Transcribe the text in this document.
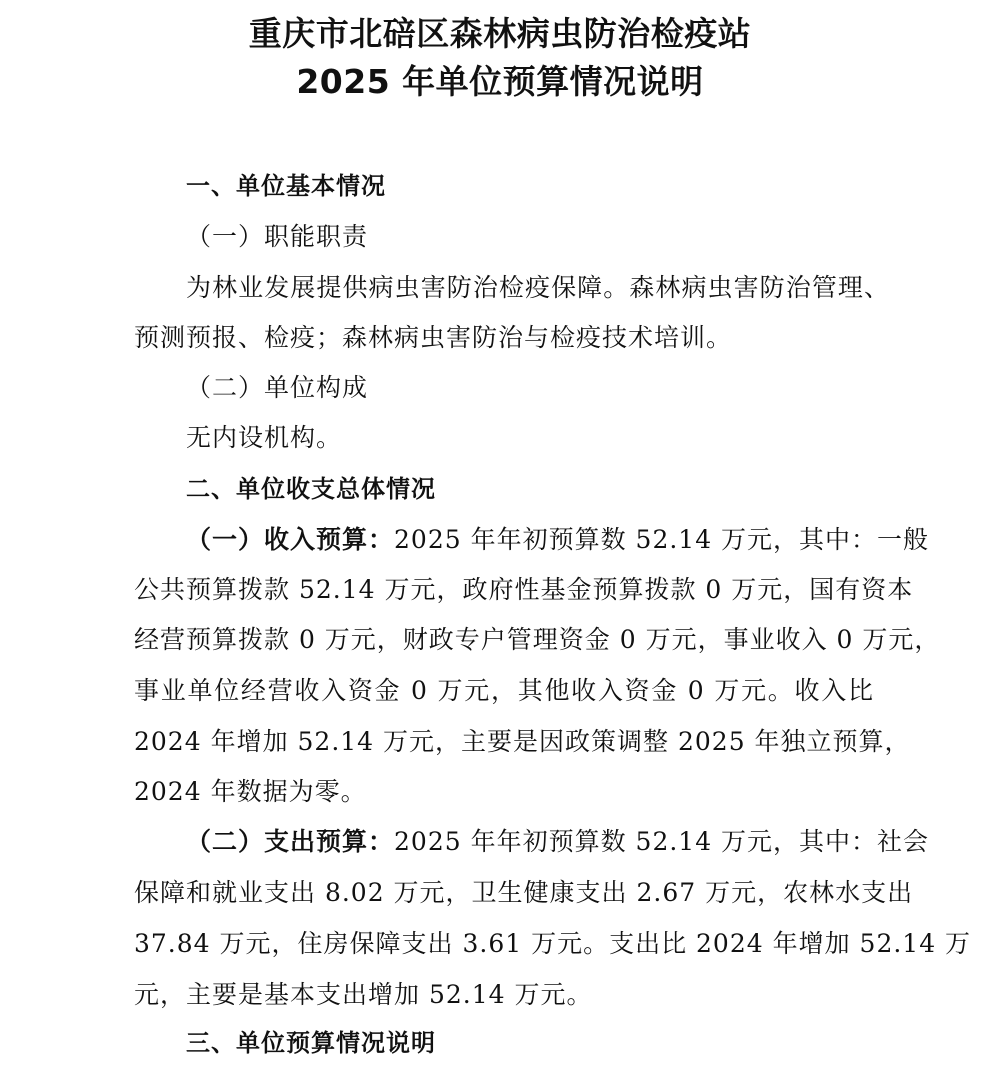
重庆市北碚区森林病虫防治检疫站
2025 年单位预算情况说明
一、单位基本情况
（一）职能职责
为林业发展提供病虫害防治检疫保障。森林病虫害防治管理、
预测预报、检疫；森林病虫害防治与检疫技术培训。
（二）单位构成
无内设机构。
二、单位收支总体情况
（一）收入预算： 2025 年年初预算数 52.14 万元，其中：一般
公共预算拨款 52.14 万元，政府性基金预算拨款 0 万元，国有资本
经营预算拨款 0 万元，财政专户管理资金 0 万元，事业收入 0 万元，
事业单位经营收入资金 0 万元，其他收入资金 0 万元。收入比
2024 年增加 52.14 万元，主要是因政策调整 2025 年独立预算，
2024 年数据为零。
（二）支出预算： 2025 年年初预算数 52.14 万元，其中：社会
保障和就业支出 8.02 万元，卫生健康支出 2.67 万元，农林水支出
37.84 万元，住房保障支出 3.61 万元。支出比 2024 年增加 52.14 万
元，主要是基本支出增加 52.14 万元。
三、单位预算情况说明
